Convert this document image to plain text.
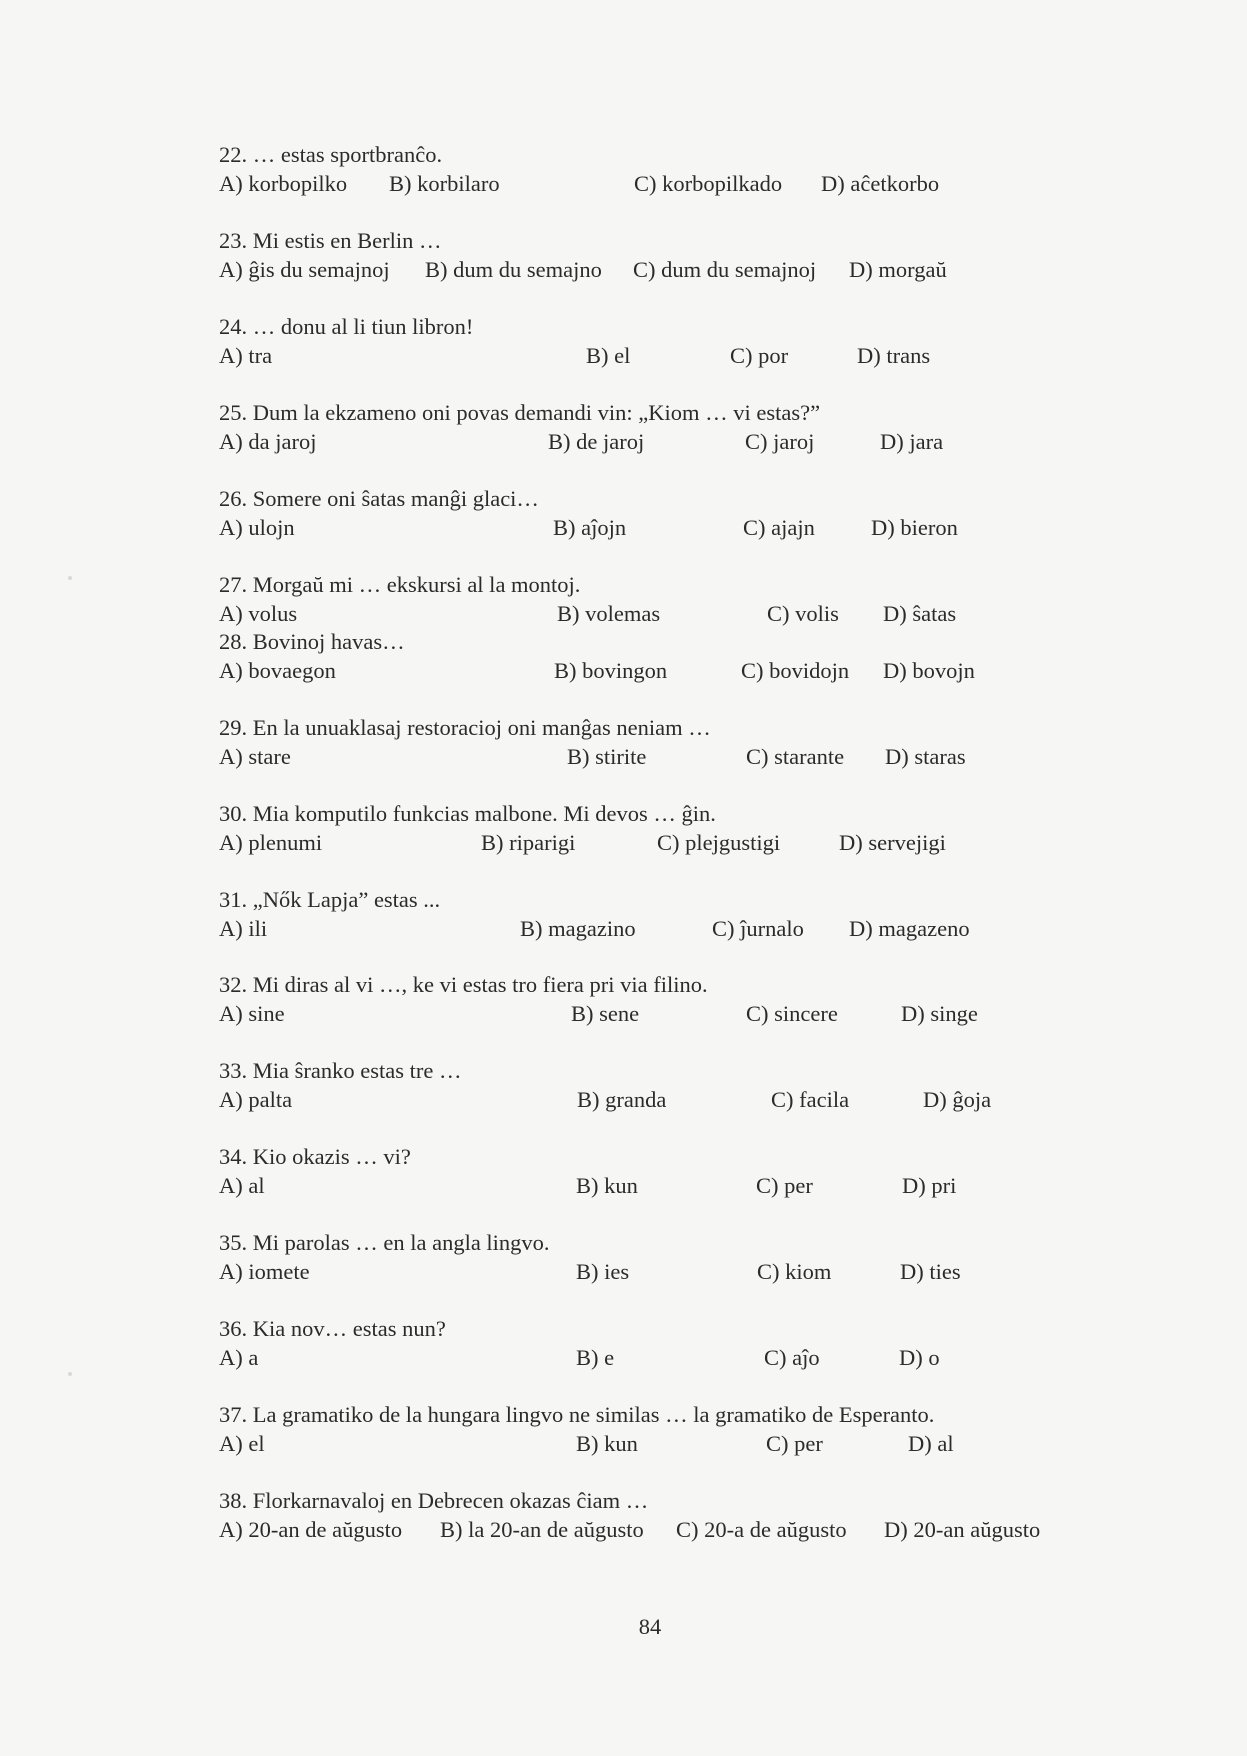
22. … estas sportbranĉo.
A) korbopilko B) korbilaro	C) korbopilkado D) aĉetkorbo
23. Mi estis en Berlin …
A) ĝis du semajnoj B) dum du semajno C) dum du semajnoj D) morgaŭ
24. … donu al li tiun libron!
A) tra	B) el	C) por	D) trans
25. Dum la ekzameno oni povas demandi vin: „Kiom … vi estas?”
A) da jaroj	B) de jaroj	C) jaroj	D) jara
26. Somere oni ŝatas manĝi glaci…
A) ulojn	B) aĵojn	C) ajajn D) bieron
27. Morgaŭ mi … ekskursi al la montoj.
A) volus	B) volemas	C) volis D) ŝatas
28. Bovinoj havas…
A) bovaegon	B) bovingon	C) bovidojn D) bovojn
29. En la unuaklasaj restoracioj oni manĝas neniam …
A) stare	B) stirite	C) starante D) staras
30. Mia komputilo funkcias malbone. Mi devos … ĝin.
A) plenumi	B) riparigi	C) plejgustigi	D) servejigi
31. „Nők Lapja” estas ...
A) ili	B) magazino	C) ĵurnalo D) magazeno
32. Mi diras al vi …, ke vi estas tro fiera pri via filino.
A) sine	B) sene	C) sincere	D) singe
33. Mia ŝranko estas tre …
A) palta	B) granda	C) facila	D) ĝoja
34. Kio okazis … vi?
A) al	B) kun	C) per	D) pri
35. Mi parolas … en la angla lingvo.
A) iomete	B) ies	C) kiom	D) ties
36. Kia nov… estas nun?
A) a	B) e	C) aĵo	D) o
37. La gramatiko de la hungara lingvo ne similas … la gramatiko de Esperanto.
A) el	B) kun	C) per	D) al
38. Florkarnavaloj en Debrecen okazas ĉiam …
A) 20-an de aŭgusto B) la 20-an de aŭgusto C) 20-a de aŭgusto D) 20-an aŭgusto
84
